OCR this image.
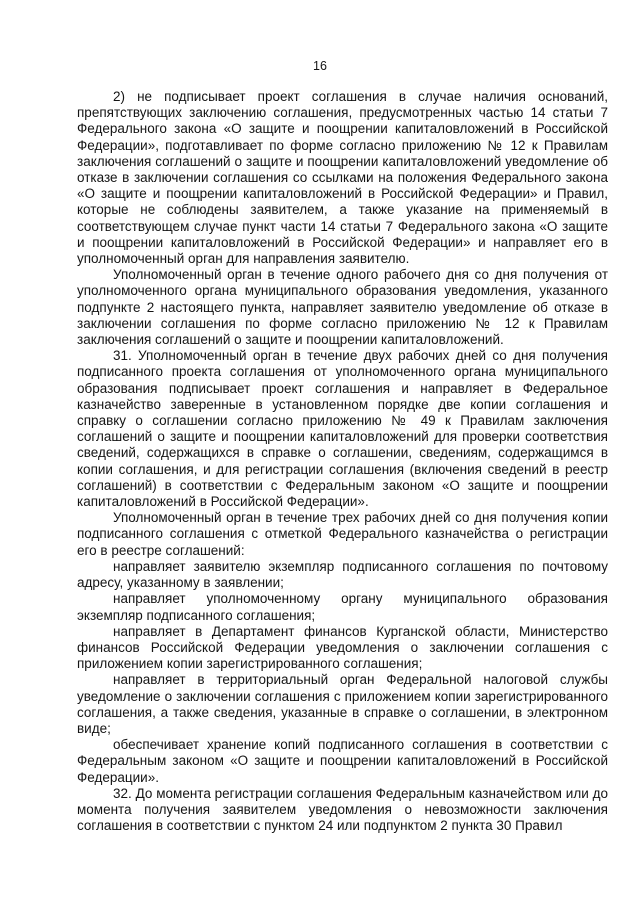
16

2) не подписывает проект соглашения в случае наличия оснований, препятствующих заключению соглашения, предусмотренных частью 14 статьи 7 Федерального закона «О защите и поощрении капиталовложений в Российской Федерации», подготавливает по форме согласно приложению № 12 к Правилам заключения соглашений о защите и поощрении капиталовложений уведомление об отказе в заключении соглашения со ссылками на положения Федерального закона «О защите и поощрении капиталовложений в Российской Федерации» и Правил, которые не соблюдены заявителем, а также указание на применяемый в соответствующем случае пункт части 14 статьи 7 Федерального закона «О защите и поощрении капиталовложений в Российской Федерации» и направляет его в уполномоченный орган для направления заявителю.

Уполномоченный орган в течение одного рабочего дня со дня получения от уполномоченного органа муниципального образования уведомления, указанного подпункте 2 настоящего пункта, направляет заявителю уведомление об отказе в заключении соглашения по форме согласно приложению № 12 к Правилам заключения соглашений о защите и поощрении капиталовложений.

31. Уполномоченный орган в течение двух рабочих дней со дня получения подписанного проекта соглашения от уполномоченного органа муниципального образования подписывает проект соглашения и направляет в Федеральное казначейство заверенные в установленном порядке две копии соглашения и справку о соглашении согласно приложению № 49 к Правилам заключения соглашений о защите и поощрении капиталовложений для проверки соответствия сведений, содержащихся в справке о соглашении, сведениям, содержащимся в копии соглашения, и для регистрации соглашения (включения сведений в реестр соглашений) в соответствии с Федеральным законом «О защите и поощрении капиталовложений в Российской Федерации».

Уполномоченный орган в течение трех рабочих дней со дня получения копии подписанного соглашения с отметкой Федерального казначейства о регистрации его в реестре соглашений:

направляет заявителю экземпляр подписанного соглашения по почтовому адресу, указанному в заявлении;

направляет уполномоченному органу муниципального образования экземпляр подписанного соглашения;

направляет в Департамент финансов Курганской области, Министерство финансов Российской Федерации уведомления о заключении соглашения с приложением копии зарегистрированного соглашения;

направляет в территориальный орган Федеральной налоговой службы уведомление о заключении соглашения с приложением копии зарегистрированного соглашения, а также сведения, указанные в справке о соглашении, в электронном виде;

обеспечивает хранение копий подписанного соглашения в соответствии с Федеральным законом «О защите и поощрении капиталовложений в Российской Федерации».

32. До момента регистрации соглашения Федеральным казначейством или до момента получения заявителем уведомления о невозможности заключения соглашения в соответствии с пунктом 24 или подпунктом 2 пункта 30 Правил
